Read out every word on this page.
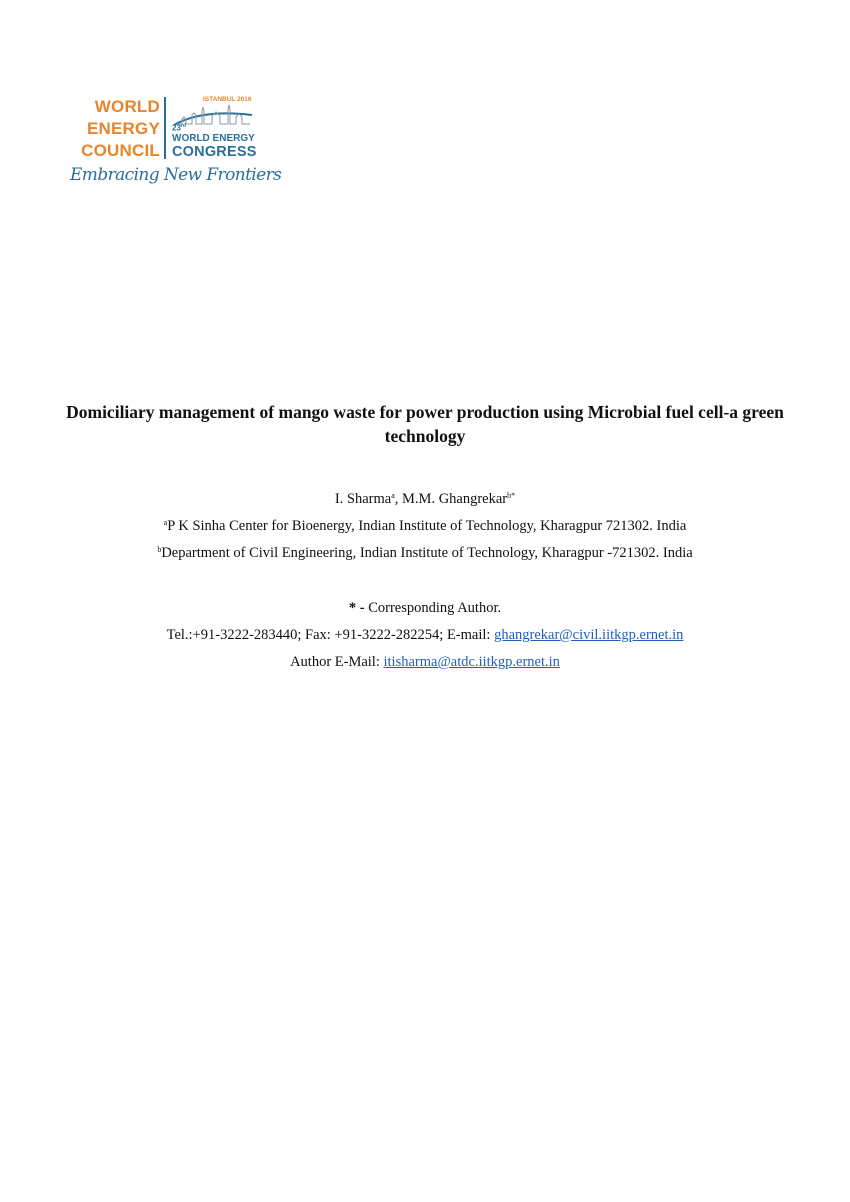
WORLD
ENERGY
COUNCIL
ISTANBUL 2016
23rd
WORLD ENERGY
CONGRESS
Embracing New Frontiers
Domiciliary management of mango waste for power production using Microbial fuel cell-a green technology
I. Sharma$^a$, M.M. Ghangrekar$^{b*}$
$^a$P K Sinha Center for Bioenergy, Indian Institute of Technology, Kharagpur 721302. India
$^b$Department of Civil Engineering, Indian Institute of Technology, Kharagpur -721302. India
* - Corresponding Author.
Tel.:+91-3222-283440; Fax: +91-3222-282254; E-mail: ghangrekar@civil.iitkgp.ernet.in
Author E-Mail: itisharma@atdc.iitkgp.ernet.in
